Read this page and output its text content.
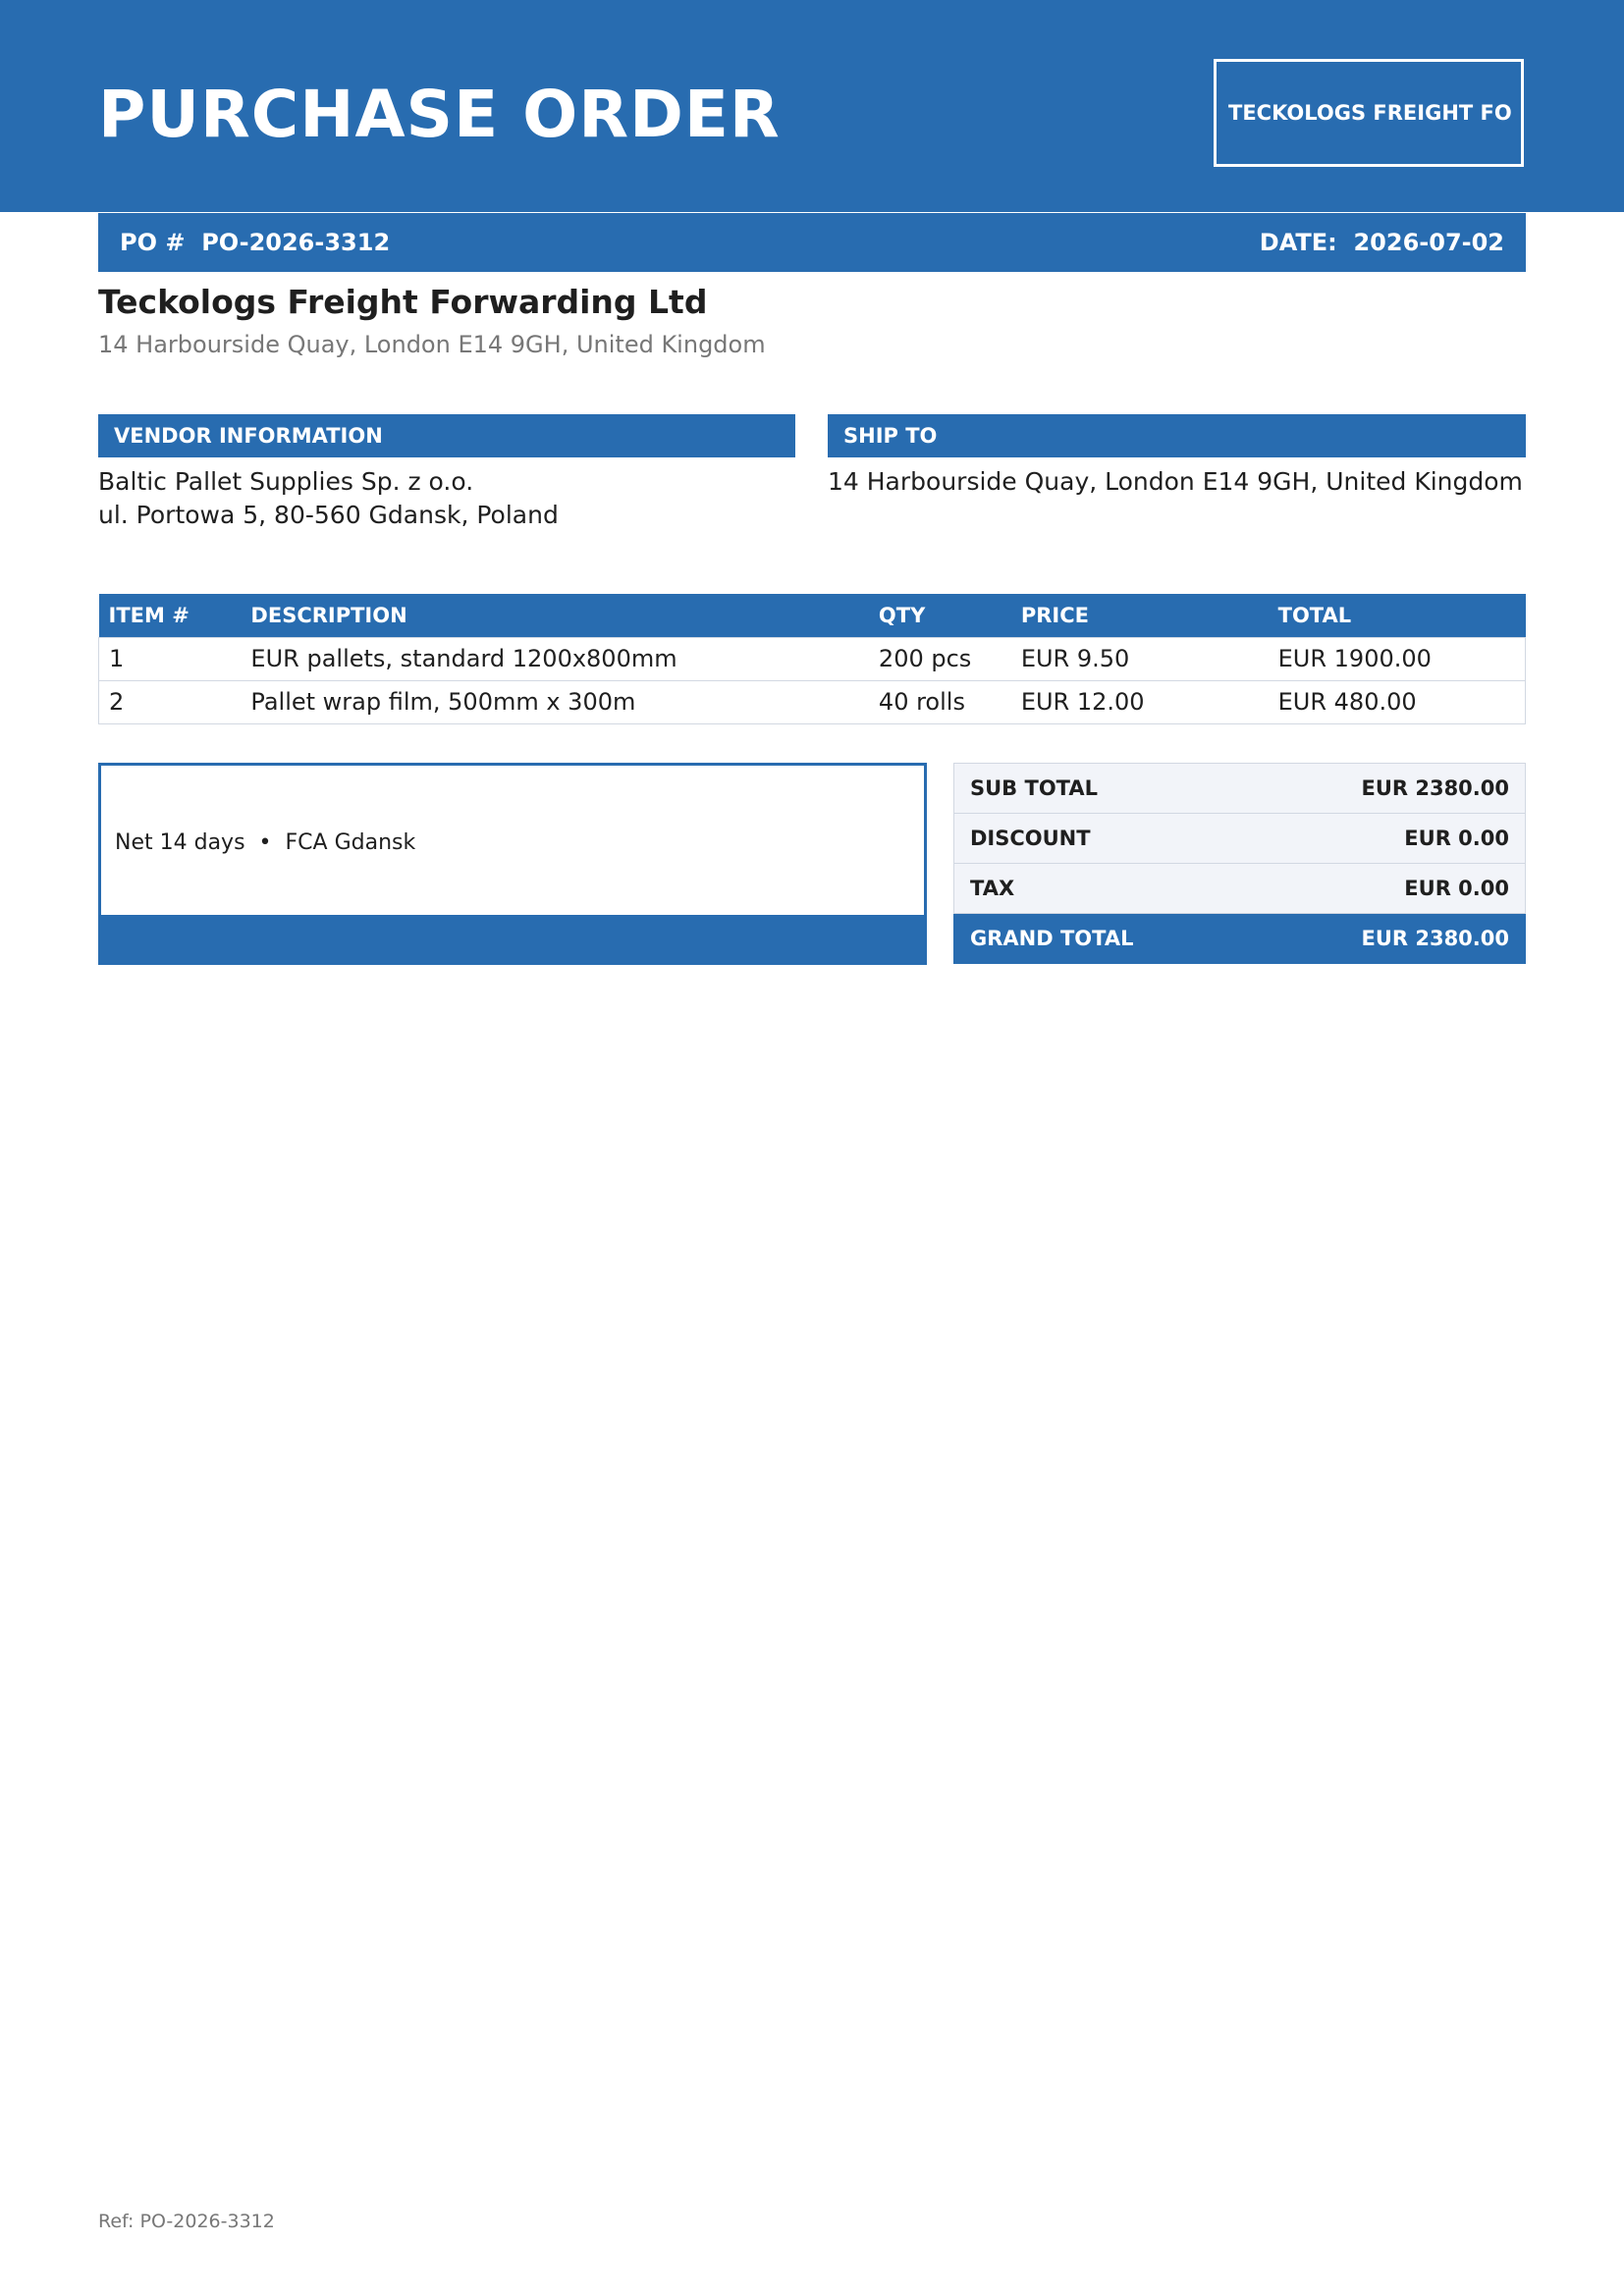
PURCHASE ORDER	TECKOLOGS FREIGHT FO
PO # PO-2026-3312	DATE: 2026-07-02
Teckologs Freight Forwarding Ltd
14 Harbourside Quay, London E14 9GH, United Kingdom
VENDOR INFORMATION	SHIP TO
Baltic Pallet Supplies Sp. z o.o.
ul. Portowa 5, 80-560 Gdansk, Poland
14 Harbourside Quay, London E14 9GH, United Kingdom
ITEM #	DESCRIPTION	QTY	PRICE	TOTAL
1	EUR pallets, standard 1200x800mm	200 pcs	EUR 9.50	EUR 1900.00
2	Pallet wrap film, 500mm x 300m	40 rolls	EUR 12.00	EUR 480.00
Net 14 days • FCA Gdansk
SUB TOTAL	EUR 2380.00
DISCOUNT	EUR 0.00
TAX	EUR 0.00
GRAND TOTAL	EUR 2380.00
Ref: PO-2026-3312
